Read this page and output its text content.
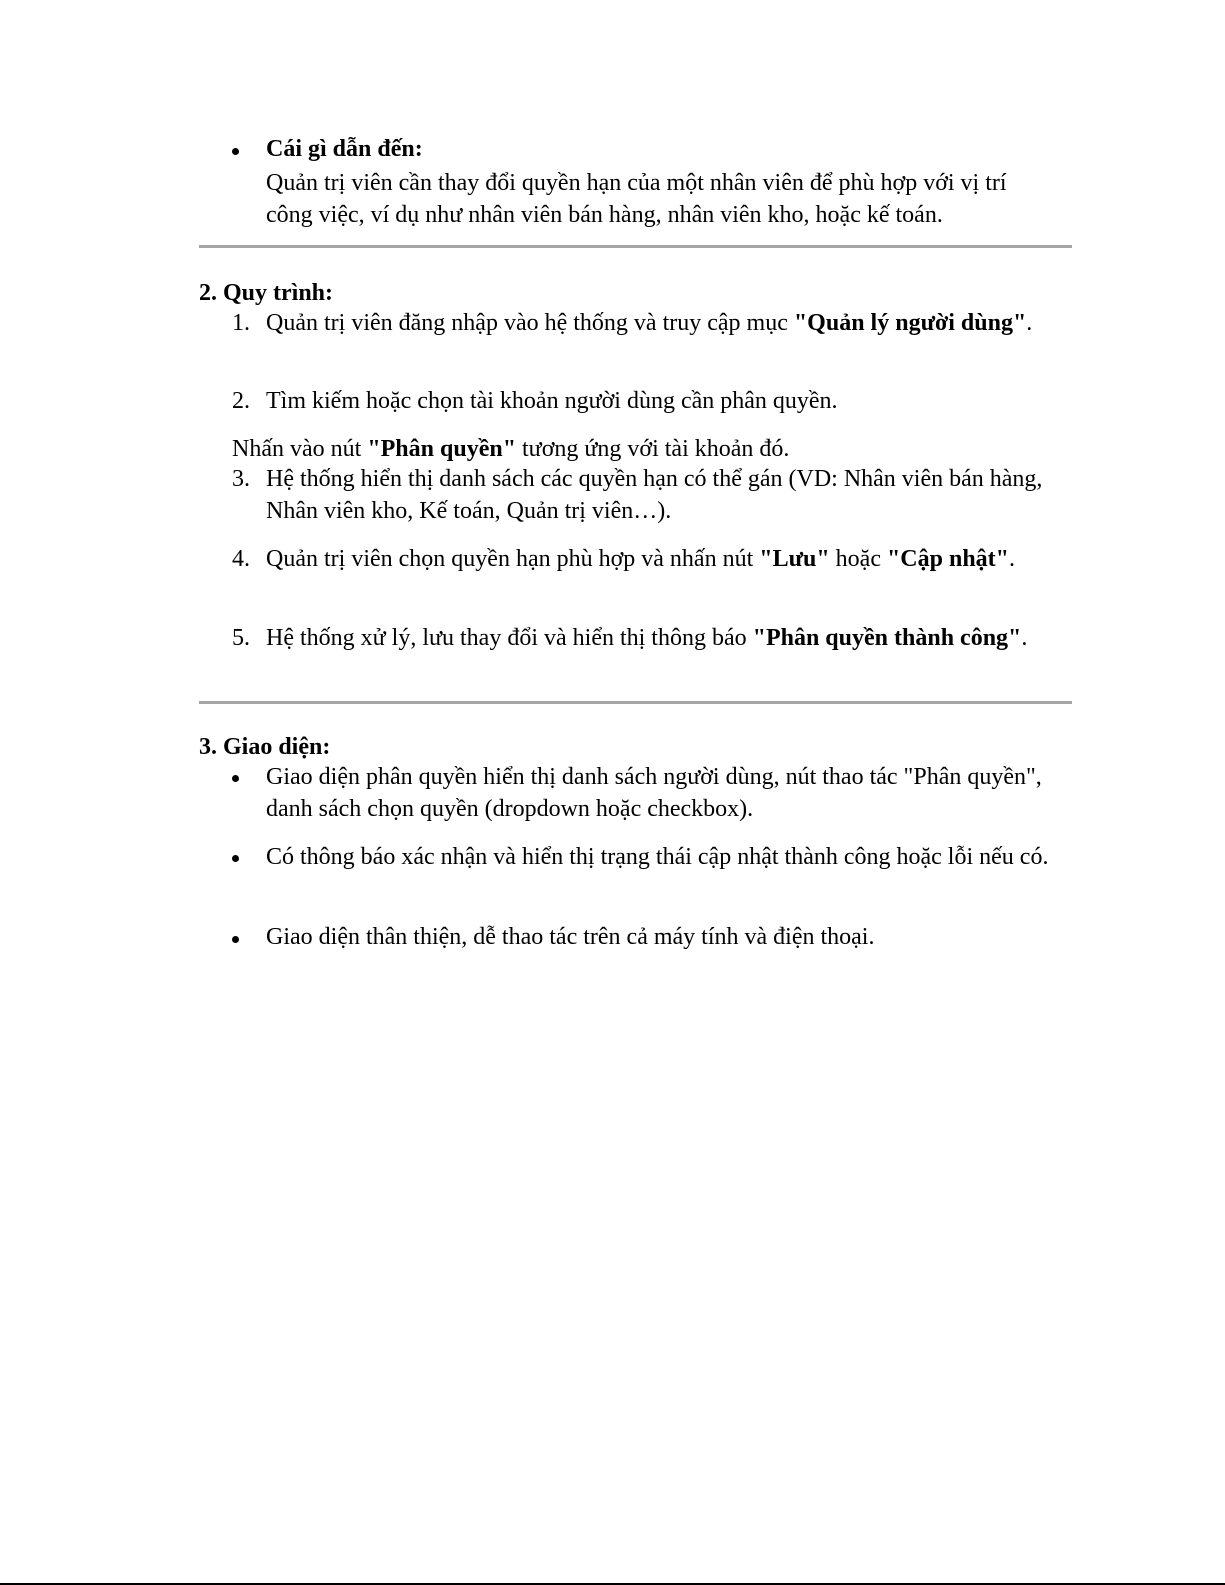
Cái gì dẫn đến:
Quản trị viên cần thay đổi quyền hạn của một nhân viên để phù hợp với vị trí công việc, ví dụ như nhân viên bán hàng, nhân viên kho, hoặc kế toán.
2. Quy trình:
1. Quản trị viên đăng nhập vào hệ thống và truy cập mục "Quản lý người dùng".
2. Tìm kiếm hoặc chọn tài khoản người dùng cần phân quyền.
Nhấn vào nút "Phân quyền" tương ứng với tài khoản đó.
3. Hệ thống hiển thị danh sách các quyền hạn có thể gán (VD: Nhân viên bán hàng, Nhân viên kho, Kế toán, Quản trị viên…).
4. Quản trị viên chọn quyền hạn phù hợp và nhấn nút "Lưu" hoặc "Cập nhật".
5. Hệ thống xử lý, lưu thay đổi và hiển thị thông báo "Phân quyền thành công".
3. Giao diện:
Giao diện phân quyền hiển thị danh sách người dùng, nút thao tác "Phân quyền", danh sách chọn quyền (dropdown hoặc checkbox).
Có thông báo xác nhận và hiển thị trạng thái cập nhật thành công hoặc lỗi nếu có.
Giao diện thân thiện, dễ thao tác trên cả máy tính và điện thoại.
